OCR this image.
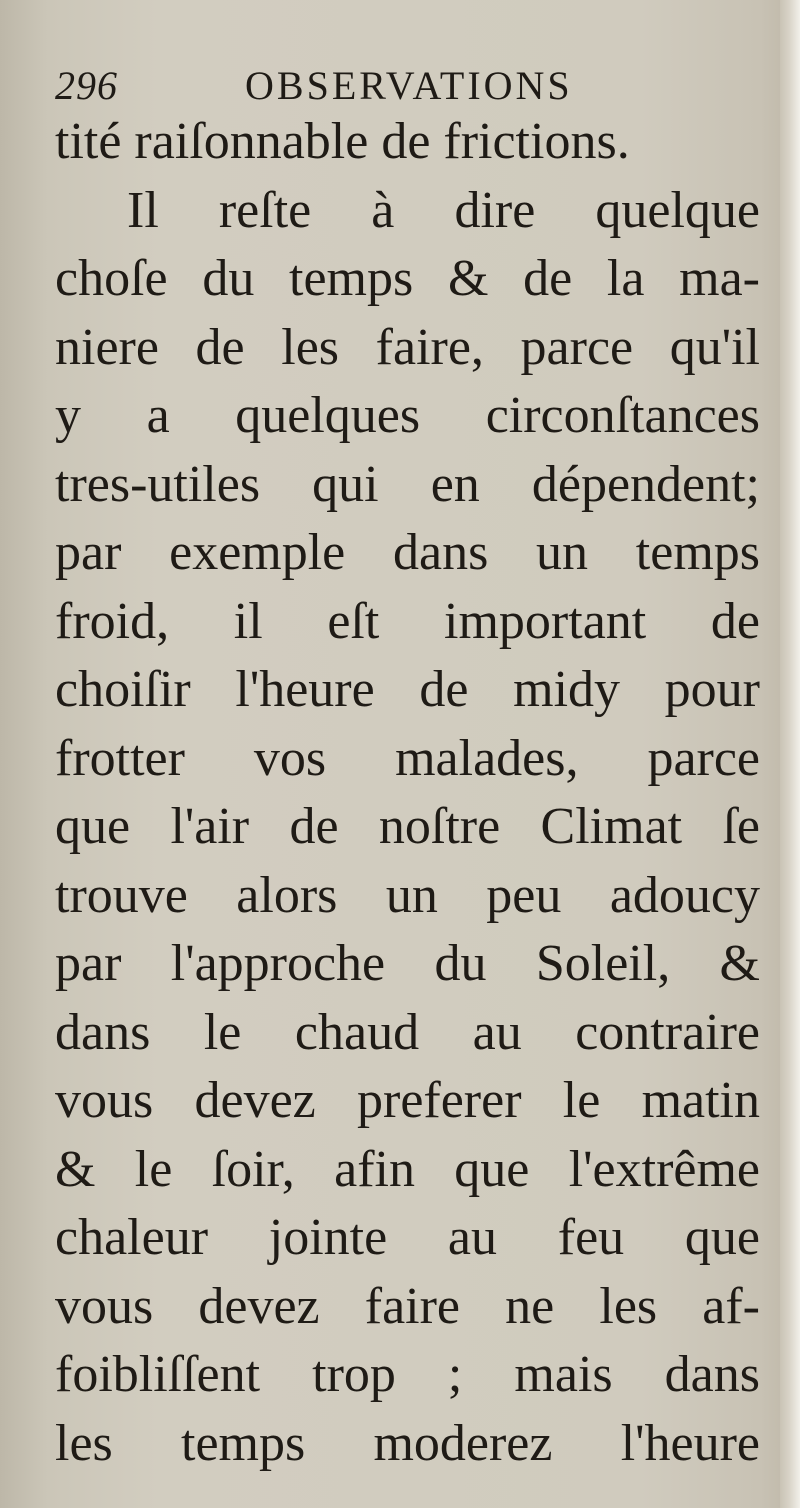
296	OBSERVATIONS
tité raiſonnable de frictions.
Il reſte à dire quelque
choſe du temps & de la ma-
niere de les faire, parce qu'il
y a quelques circonſtances
tres-utiles qui en dépendent;
par exemple dans un temps
froid, il eſt important de
choiſir l'heure de midy pour
frotter vos malades, parce
que l'air de noſtre Climat ſe
trouve alors un peu adoucy
par l'approche du Soleil, &
dans le chaud au contraire
vous devez preferer le matin
& le ſoir, afin que l'extrême
chaleur jointe au feu que
vous devez faire ne les af-
foibliſſent trop ; mais dans
les temps moderez l'heure
